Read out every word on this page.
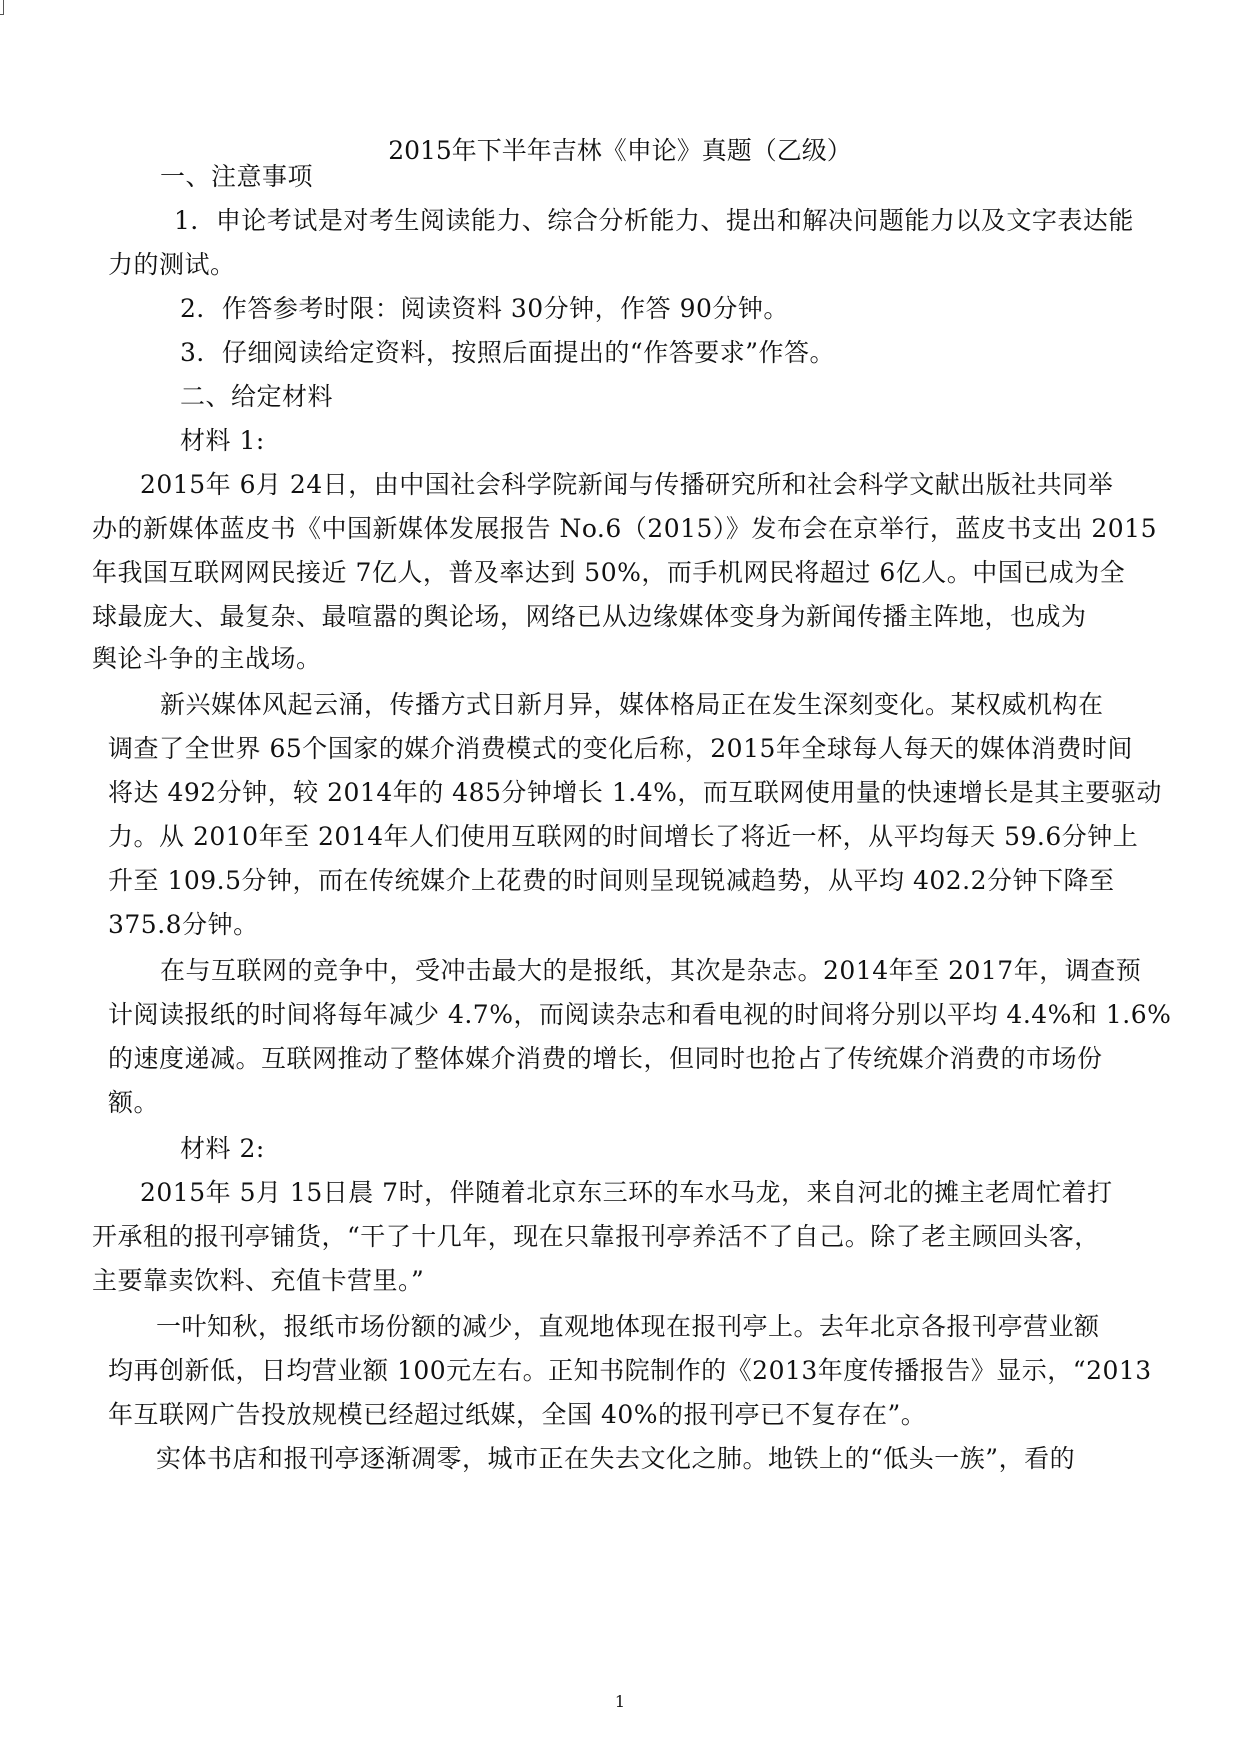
2015年下半年吉林《申论》真题（乙级）
一、注意事项
1．申论考试是对考生阅读能力、综合分析能力、提出和解决问题能力以及文字表达能
力的测试。
2．作答参考时限：阅读资料 30分钟，作答 90分钟。
3．仔细阅读给定资料，按照后面提出的“作答要求”作答。
二、给定材料
材料 1:
2015年 6月 24日，由中国社会科学院新闻与传播研究所和社会科学文献出版社共同举
办的新媒体蓝皮书《中国新媒体发展报告 No.6（2015）》发布会在京举行，蓝皮书支出 2015
年我国互联网网民接近 7亿人，普及率达到 50%，而手机网民将超过 6亿人。中国已成为全
球最庞大、最复杂、最喧嚣的舆论场，网络已从边缘媒体变身为新闻传播主阵地，也成为
舆论斗争的主战场。
新兴媒体风起云涌，传播方式日新月异，媒体格局正在发生深刻变化。某权威机构在
调查了全世界 65个国家的媒介消费模式的变化后称，2015年全球每人每天的媒体消费时间
将达 492分钟，较 2014年的 485分钟增长 1.4%，而互联网使用量的快速增长是其主要驱动
力。从 2010年至 2014年人们使用互联网的时间增长了将近一杯，从平均每天 59.6分钟上
升至 109.5分钟，而在传统媒介上花费的时间则呈现锐减趋势，从平均 402.2分钟下降至
375.8分钟。
在与互联网的竞争中，受冲击最大的是报纸，其次是杂志。2014年至 2017年，调查预
计阅读报纸的时间将每年减少 4.7%，而阅读杂志和看电视的时间将分别以平均 4.4%和 1.6%
的速度递减。互联网推动了整体媒介消费的增长，但同时也抢占了传统媒介消费的市场份
额。
材料 2:
2015年 5月 15日晨 7时，伴随着北京东三环的车水马龙，来自河北的摊主老周忙着打
开承租的报刊亭铺货，“干了十几年，现在只靠报刊亭养活不了自己。除了老主顾回头客，
主要靠卖饮料、充值卡营里。”
一叶知秋，报纸市场份额的减少，直观地体现在报刊亭上。去年北京各报刊亭营业额
均再创新低，日均营业额 100元左右。正知书院制作的《2013年度传播报告》显示，“2013
年互联网广告投放规模已经超过纸媒，全国 40%的报刊亭已不复存在”。
实体书店和报刊亭逐渐凋零，城市正在失去文化之肺。地铁上的“低头一族”，看的
1
